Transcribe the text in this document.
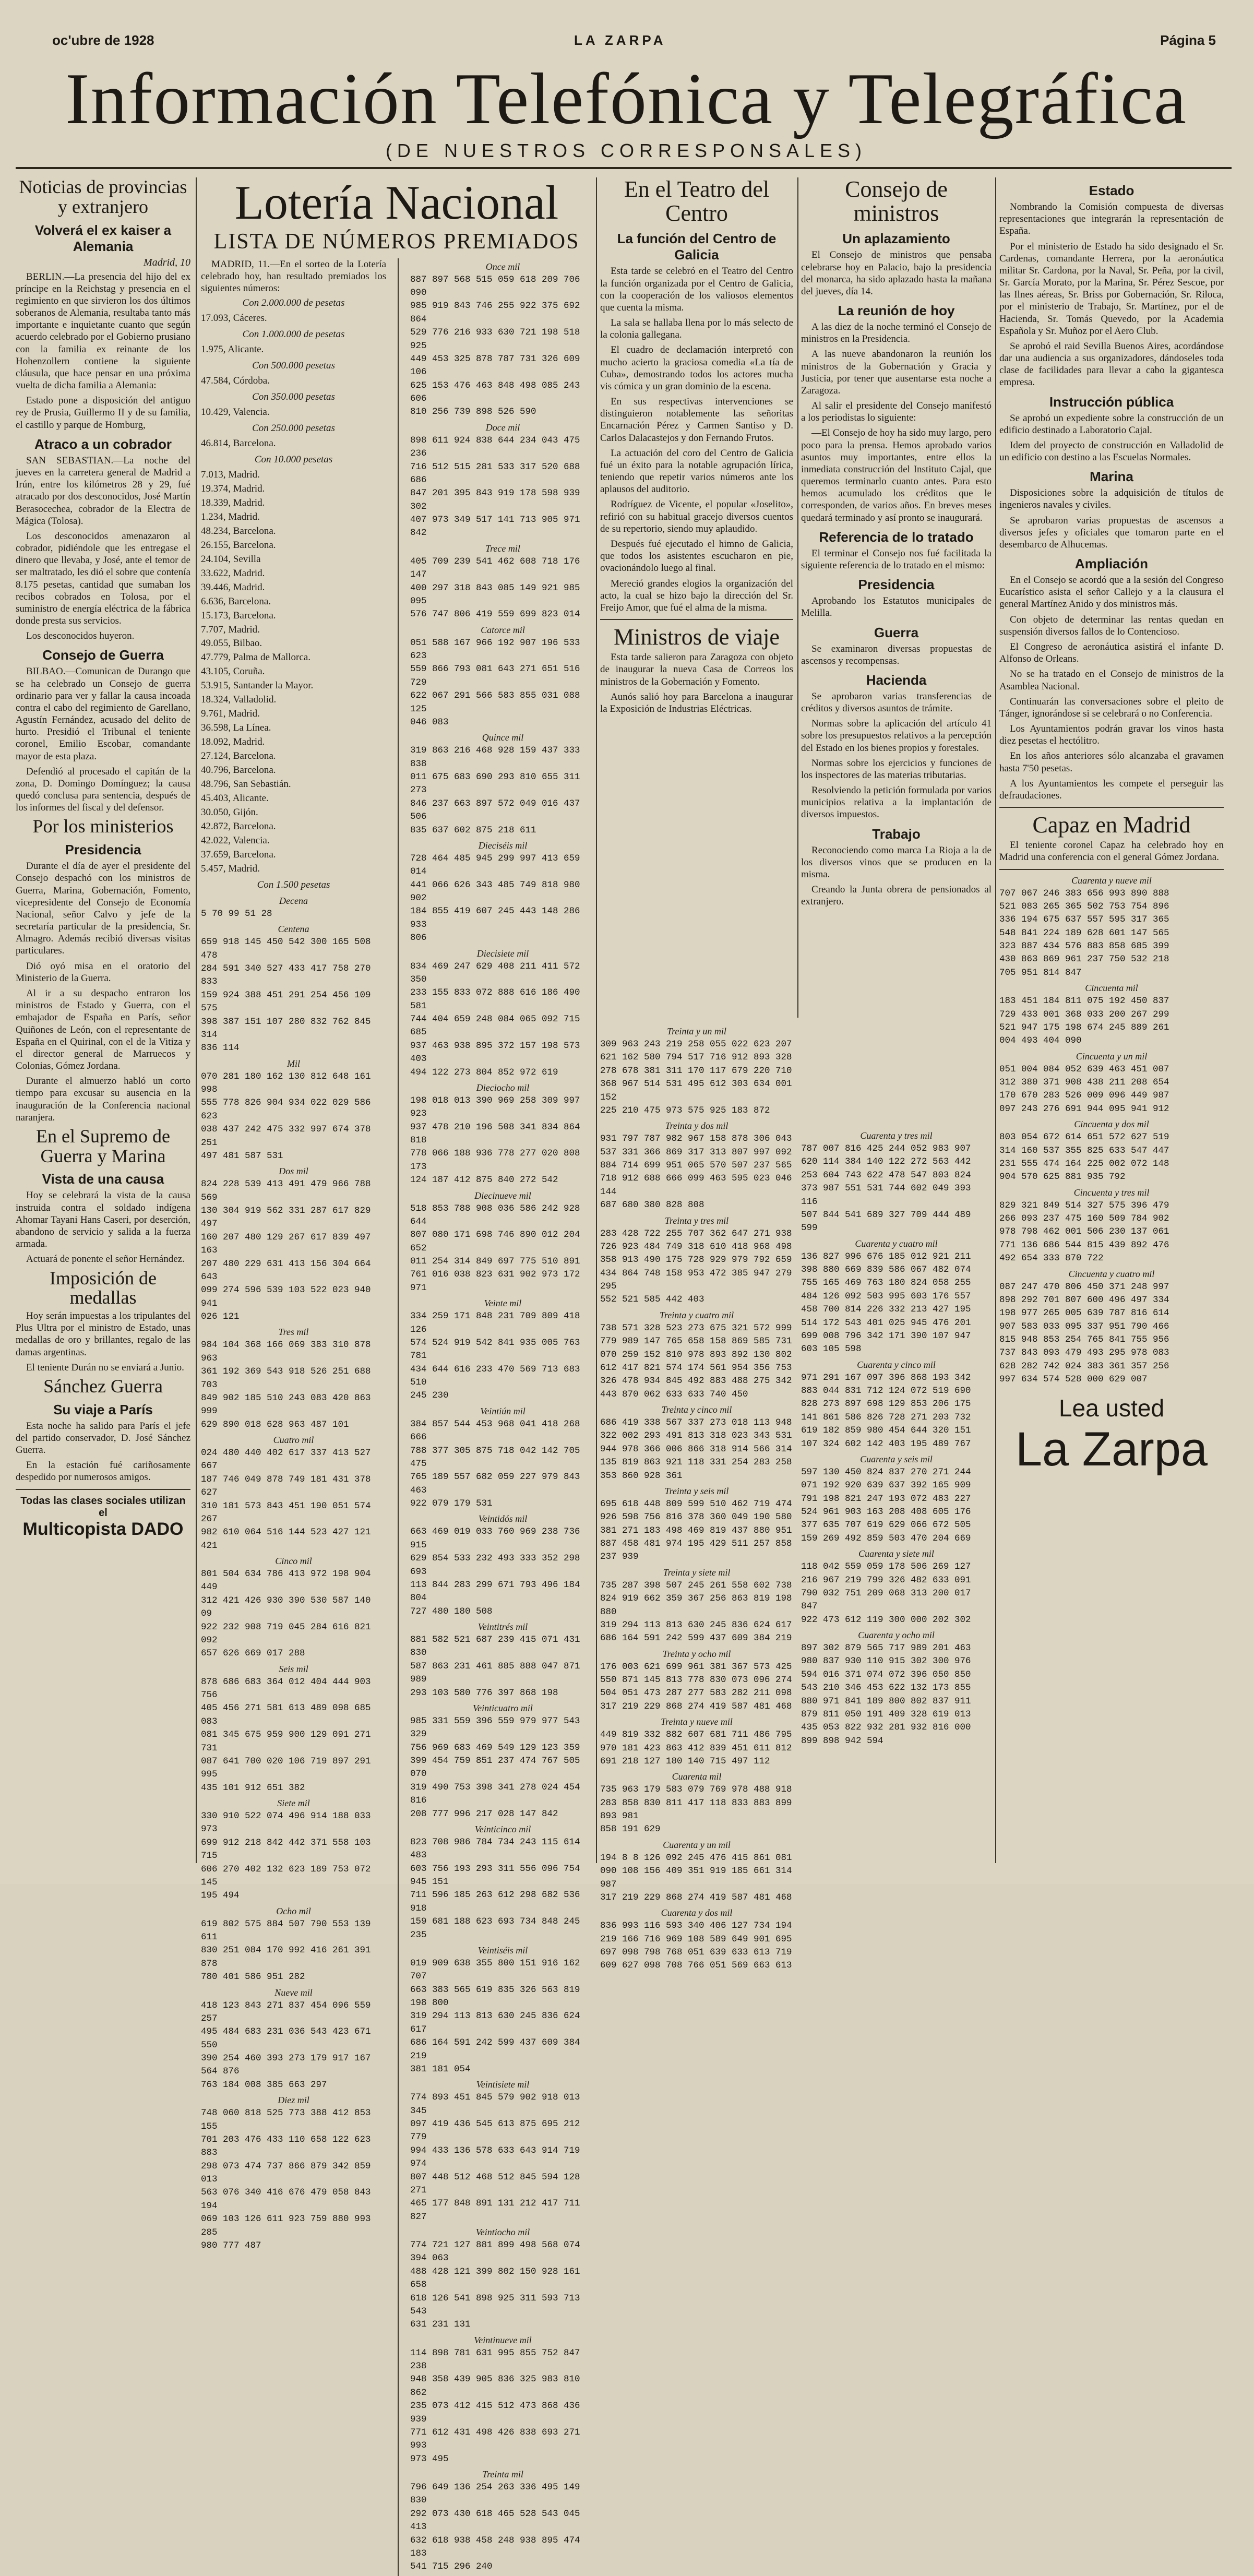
oc'ubre de 1928	LA ZARPA	Página 5
Información Telefónica y Telegráfica
(DE NUESTROS CORRESPONSALES)
Noticias de provincias y extranjero
Volverá el ex kaiser a Alemania
Madrid, 10

BERLIN.—La presencia del hijo del ex príncipe en la Reichstag y presencia en el regimiento en que sirvieron los dos últimos soberanos de Alemania, resultaba tanto más importante e inquietante cuanto que según acuerdo celebrado por el Gobierno prusiano con la familia ex reinante de los Hohenzollern contiene la siguiente cláusula, que hace pensar en una próxima vuelta de dicha familia a Alemania:

Estado pone a disposición del antiguo rey de Prusia, Guillermo II y de su familia, el castillo y parque de Homburg,

Atraco a un cobrador

SAN SEBASTIAN.—La noche del jueves en la carretera general de Madrid a Irún, entre los kilómetros 28 y 29, fué atracado por dos desconocidos, José Martín Berasocechea, cobrador de la Electra de Mágica (Tolosa).

Los desconocidos amenazaron al cobrador, pidiéndole que les entregase el dinero que llevaba, y José, ante el temor de ser maltratado, les dió el sobre que contenía 8.175 pesetas, cantidad que sumaban los recibos cobrados en Tolosa, por el suministro de energía eléctrica de la fábrica donde presta sus servicios.

Los desconocidos huyeron.

Consejo de Guerra

BILBAO.—Comunican de Durango que se ha celebrado un Consejo de guerra ordinario para ver y fallar la causa incoada contra el cabo del regimiento de Garellano, Agustín Fernández, acusado del delito de hurto. Presidió el Tribunal el teniente coronel, Emilio Escobar, comandante mayor de esta plaza.

Defendió al procesado el capitán de la zona, D. Domingo Domínguez; la causa quedó conclusa para sentencia, después de los informes del fiscal y del defensor.

Por los ministerios
Presidencia

Durante el día de ayer el presidente del Consejo despachó con los ministros de Guerra, Marina, Gobernación, Fomento, vicepresidente del Consejo de Economía Nacional, señor Calvo y jefe de la secretaría particular de la presidencia, Sr. Almagro. Además recibió diversas visitas particulares.

Dió oyó misa en el oratorio del Ministerio de la Guerra.

Al ir a su despacho entraron los ministros de Estado y Guerra, con el embajador de España en París, señor Quiñones de León, con el representante de España en el Quirinal, con el de la Vitiza y el director general de Marruecos y Colonias, Gómez Jordana.

Durante el almuerzo habló un corto tiempo para excusar su ausencia en la inauguración de la Conferencia nacional naranjera.

En el Supremo de Guerra y Marina
Vista de una causa

Hoy se celebrará la vista de la causa instruida contra el soldado indígena Ahomar Tayani Hans Caseri, por deserción, abandono de servicio y salida a la fuerza armada.

Actuará de ponente el señor Hernández.

Imposición de medallas

Hoy serán impuestas a los tripulantes del Plus Ultra por el ministro de Estado, unas medallas de oro y brillantes, regalo de las damas argentinas.

El teniente Durán no se enviará a Junio.

Sánchez Guerra
Su viaje a París

Esta noche ha salido para París el jefe del partido conservador, D. José Sánchez Guerra.

En la estación fué cariñosamente despedido por numerosos amigos.

Todas las clases sociales utilizan el
Multicopista DADO
Lotería Nacional
LISTA DE NÚMEROS PREMIADOS

MADRID, 11.—En el sorteo de la Lotería celebrado hoy, han resultado premiados los siguientes números:

Con 2.000.000 de pesetas
17.093, Cáceres.
Con 1.000.000 de pesetas
1.975, Alicante.
Con 500.000 pesetas
47.584, Córdoba.
Con 350.000 pesetas
10.429, Valencia.
Con 250.000 pesetas
46.814, Barcelona.
Con 10.000 pesetas
7.013, Madrid.
19.374, Madrid.
18.339, Madrid.
1.234, Madrid.
48.234, Barcelona.
26.155, Barcelona.
24.104, Sevilla
33.622, Madrid.
39.446, Madrid.
6.636, Barcelona.
15.173, Barcelona.
7.707, Madrid.
49.055, Bilbao.
47.779, Palma de Mallorca.
43.105, Coruña.
53.915, Santander la Mayor.
18.324, Valladolid.
9.761, Madrid.
36.598, La Línea.
18.092, Madrid.
27.124, Barcelona.
40.796, Barcelona.
48.796, San Sebastián.
45.403, Alicante.
30.050, Gijón.
42.872, Barcelona.
42.022, Valencia.
37.659, Barcelona.
5.457, Madrid.
Con 1.500 pesetas
Decena
5 70 99 51 28
Centena
659 918 145 450 542 300 165 508 478
284 591 340 527 433 417 758 270 833
159 924 388 451 291 254 456 109 575
398 387 151 107 280 832 762 845 314
836 114
Mil
070 281 180 162 130 812 648 161 998
555 778 826 904 934 022 029 586 623
038 437 242 475 332 997 674 378 251
497 481 587 531
Dos mil
824 228 539 413 491 479 966 788 569
130 304 919 562 331 287 617 829 497
160 207 480 129 267 617 839 497 163
207 480 229 631 413 156 304 664 643
099 274 596 539 103 522 023 940 941
026 121
Tres mil
984 104 368 166 069 383 310 878 963
361 192 369 543 918 526 251 688 703
849 902 185 510 243 083 420 863 999
629 890 018 628 963 487 101
Cuatro mil
024 480 440 402 617 337 413 527 667
187 746 049 878 749 181 431 378 627
310 181 573 843 451 190 051 574 267
982 610 064 516 144 523 427 121 421
Cinco mil
801 504 634 786 413 972 198 904 449
312 421 426 930 390 530 587 140 09
922 232 908 719 045 284 616 821 092
657 626 669 017 288
Seis mil
878 686 683 364 012 404 444 903 756
405 456 271 581 613 489 098 685 083
081 345 675 959 900 129 091 271 731
087 641 700 020 106 719 897 291 995
435 101 912 651 382
Siete mil
330 910 522 074 496 914 188 033 973
699 912 218 842 442 371 558 103 715
606 270 402 132 623 189 753 072 145
195 494
Ocho mil
619 802 575 884 507 790 553 139 611
830 251 084 170 992 416 261 391 878
780 401 586 951 282
Nueve mil
418 123 843 271 837 454 096 559 257
495 484 683 231 036 543 423 671 550
390 254 460 393 273 179 917 167 564 876
763 184 008 385 663 297
Diez mil
748 060 818 525 773 388 412 853 155
701 203 476 433 110 658 122 623 883
298 073 474 737 866 879 342 859 013
563 076 340 416 676 479 058 843 194
069 103 126 611 923 759 880 993 285
980 777 487
Once mil
887 897 568 515 059 618 209 706 090
985 919 843 746 255 922 375 692 864
529 776 216 933 630 721 198 518 925
449 453 325 878 787 731 326 609 106
625 153 476 463 848 498 085 243 606
810 256 739 898 526 590
Doce mil
898 611 924 838 644 234 043 475 236
716 512 515 281 533 317 520 688 686
847 201 395 843 919 178 598 939 302
407 973 349 517 141 713 905 971 842
Trece mil
405 709 239 541 462 608 718 176 147
400 297 318 843 085 149 921 985 095
576 747 806 419 559 699 823 014
Catorce mil
051 588 167 966 192 907 196 533 623
559 866 793 081 643 271 651 516 729
622 067 291 566 583 855 031 088 125
046 083
Quince mil
319 863 216 468 928 159 437 333 838
011 675 683 690 293 810 655 311 273
846 237 663 897 572 049 016 437 506
835 637 602 875 218 611
Dieciséis mil
728 464 485 945 299 997 413 659 014
441 066 626 343 485 749 818 980 902
184 855 419 607 245 443 148 286 933
806
Diecisiete mil
834 469 247 629 408 211 411 572 350
233 155 833 072 888 616 186 490 581
744 404 659 248 084 065 092 715 685
937 463 938 895 372 157 198 573 403
494 122 273 804 852 972 619
Dieciocho mil
198 018 013 390 969 258 309 997 923
937 478 210 196 508 341 834 864 818
778 066 188 936 778 277 020 808 173
124 187 412 875 840 272 542
Diecinueve mil
518 853 788 908 036 586 242 928 644
807 080 171 698 746 890 012 204 652
011 254 314 849 697 775 510 891
761 016 038 823 631 902 973 172 971
Veinte mil
334 259 171 848 231 709 809 418 126
574 524 919 542 841 935 005 763 781
434 644 616 233 470 569 713 683 510
245 230
Veintiún mil
384 857 544 453 968 041 418 268 666
788 377 305 875 718 042 142 705 475
765 189 557 682 059 227 979 843 463
922 079 179 531
Veintidós mil
663 469 019 033 760 969 238 736 915
629 854 533 232 493 333 352 298 693
113 844 283 299 671 793 496 184 804
727 480 180 508
Veintitrés mil
881 582 521 687 239 415 071 431 830
587 863 231 461 885 888 047 871 989
293 103 580 776 397 868 198
Veinticuatro mil
985 331 559 396 559 979 977 543 329
756 969 683 469 549 129 123 359
399 454 759 851 237 474 767 505 070
319 490 753 398 341 278 024 454 816
208 777 996 217 028 147 842
Veinticinco mil
823 708 986 784 734 243 115 614 483
603 756 193 293 311 556 096 754 945 151
711 596 185 263 612 298 682 536 918
159 681 188 623 693 734 848 245 235
Veintiséis mil
019 909 638 355 800 151 916 162 707
663 383 565 619 835 326 563 819 198 800
319 294 113 813 630 245 836 624 617
686 164 591 242 599 437 609 384 219
381 181 054
Veintisiete mil
774 893 451 845 579 902 918 013 345
097 419 436 545 613 875 695 212 779
994 433 136 578 633 643 914 719 974
807 448 512 468 512 845 594 128 271
465 177 848 891 131 212 417 711 827
Veintiocho mil
774 721 127 881 899 498 568 074 394 063
488 428 121 399 802 150 928 161 658
618 126 541 898 925 311 593 713 543
631 231 131
Veintinueve mil
114 898 781 631 995 855 752 847 238
948 358 439 905 836 325 983 810 862
235 073 412 415 512 473 868 436 939
771 612 431 498 426 838 693 271 993
973 495
Treinta mil
796 649 136 254 263 336 495 149 830
292 073 430 618 465 528 543 045 413
632 618 938 458 248 938 895 474 183
541 715 296 240
En el Teatro del Centro
La función del Centro de Galicia

Esta tarde se celebró en el Teatro del Centro la función organizada por el Centro de Galicia, con la cooperación de los valiosos elementos que cuenta la misma.

La sala se hallaba llena por lo más selecto de la colonia gallegana.

El cuadro de declamación interpretó con mucho acierto la graciosa comedia «La tía de Cuba», demostrando todos los actores mucha vis cómica y un gran dominio de la escena.

En sus respectivas intervenciones se distinguieron notablemente las señoritas Encarnación Pérez y Carmen Santiso y D. Carlos Dalacastejos y don Fernando Frutos.

La actuación del coro del Centro de Galicia fué un éxito para la notable agrupación lírica, teniendo que repetir varios números ante los aplausos del auditorio.

Rodríguez de Vicente, el popular «Joselito», refirió con su habitual gracejo diversos cuentos de su repertorio, siendo muy aplaudido.

Después fué ejecutado el himno de Galicia, que todos los asistentes escucharon en pie, ovacionándolo luego al final.

Mereció grandes elogios la organización del acto, la cual se hizo bajo la dirección del Sr. Freijo Amor, que fué el alma de la misma.

Ministros de viaje

Esta tarde salieron para Zaragoza con objeto de inaugurar la nueva Casa de Correos los ministros de la Gobernación y Fomento.

Aunós salió hoy para Barcelona a inaugurar la Exposición de Industrias Eléctricas.

Consejo de ministros
Un aplazamiento

El Consejo de ministros que pensaba celebrarse hoy en Palacio, bajo la presidencia del monarca, ha sido aplazado hasta la mañana del jueves, día 14.

La reunión de hoy

A las diez de la noche terminó el Consejo de ministros en la Presidencia.

A las nueve abandonaron la reunión los ministros de la Gobernación y Gracia y Justicia, por tener que ausentarse esta noche a Zaragoza.

Al salir el presidente del Consejo manifestó a los periodistas lo siguiente:

—El Consejo de hoy ha sido muy largo, pero poco para la prensa. Hemos aprobado varios asuntos muy importantes, entre ellos la inmediata construcción del Instituto Cajal, que queremos terminarlo cuanto antes. Para esto hemos acumulado los créditos que le corresponden, de varios años. En breves meses quedará terminado y así pronto se inaugurará.

Referencia de lo tratado

El terminar el Consejo nos fué facilitada la siguiente referencia de lo tratado en el mismo:

Presidencia

Aprobando los Estatutos municipales de Melilla.

Guerra

Se examinaron diversas propuestas de ascensos y recompensas.

Hacienda

Se aprobaron varias transferencias de créditos y diversos asuntos de trámite.

Normas sobre la aplicación del artículo 41 sobre los presupuestos relativos a la percepción del Estado en los bienes propios y forestales.

Normas sobre los ejercicios y funciones de los inspectores de las materias tributarias.

Resolviendo la petición formulada por varios municipios relativa a la implantación de diversos impuestos.

Trabajo

Reconociendo como marca La Rioja a la de los diversos vinos que se producen en la misma.

Creando la Junta obrera de pensionados al extranjero.

Treinta y un mil
309 963 243 219 258 055 022 623 207 621 162 580 794 517 716 912 893 328
278 678 381 311 170 117 679 220 710 368 967 514 531 495 612 303 634 001 152
225 210 475 973 575 925 183 872
Treinta y dos mil
931 797 787 982 967 158 878 306 043 537 331 366 869 317 313 807 997 092
884 714 699 951 065 570 507 237 565 718 912 688 666 099 463 595 023 046 144
687 680 380 828 808
Treinta y tres mil
283 428 722 255 707 362 647 271 938 726 923 484 749 318 610 418 968 498
358 913 490 175 728 929 979 792 659 434 864 748 158 953 472 385 947 279 295
552 521 585 442 403
Treinta y cuatro mil
738 571 328 523 273 675 321 572 999 779 989 147 765 658 158 869 585 731
070 259 152 810 978 893 892 130 802 612 417 821 574 174 561 954 356 753
326 478 934 845 492 883 488 275 342 443 870 062 633 633 740 450
Treinta y cinco mil
686 419 338 567 337 273 018 113 948 322 002 293 491 813 318 023 343 531
944 978 366 006 866 318 914 566 314 135 819 863 921 118 331 254 283 258
353 860 928 361
Treinta y seis mil
695 618 448 809 599 510 462 719 474 926 598 756 816 378 360 049 190 580
381 271 183 498 469 819 437 880 951 887 458 481 974 195 429 511 257 858
237 939
Treinta y siete mil
735 287 398 507 245 261 558 602 738 824 919 662 359 367 256 863 819 198 880
319 294 113 813 630 245 836 624 617 686 164 591 242 599 437 609 384 219
Treinta y ocho mil
176 003 621 699 961 381 367 573 425 550 871 145 813 778 830 073 096 274
504 051 473 287 277 583 282 211 098 317 219 229 868 274 419 587 481 468
Treinta y nueve mil
449 819 332 882 607 681 711 486 795 970 181 423 863 412 839 451 611 812
691 218 127 180 140 715 497 112
Cuarenta mil
735 963 179 583 079 769 978 488 918 283 858 830 811 417 118 833 883 899 893 981
858 191 629
Cuarenta y un mil
194 8 8 126 092 245 476 415 861 081 090 108 156 409 351 919 185 661 314 987
317 219 229 868 274 419 587 481 468
Cuarenta y dos mil
836 993 116 593 340 406 127 734 194 219 166 716 969 108 589 649 901 695
697 098 798 768 051 639 633 613 719 609 627 098 708 766 051 569 663 613
Cuarenta y tres mil
787 007 816 425 244 052 983 907
620 114 384 140 122 272 563 442
253 604 743 622 478 547 803 824
373 987 551 531 744 602 049 393 116
507 844 541 689 327 709 444 489 599
Cuarenta y cuatro mil
136 827 996 676 185 012 921 211
398 880 669 839 586 067 482 074
755 165 469 763 180 824 058 255
484 126 092 503 995 603 176 557
458 700 814 226 332 213 427 195
514 172 543 401 025 945 476 201
699 008 796 342 171 390 107 947
603 105 598
Cuarenta y cinco mil
971 291 167 097 396 868 193 342
883 044 831 712 124 072 519 690
828 273 897 698 129 853 206 175
141 861 586 826 728 271 203 732
619 182 859 980 454 644 320 151
107 324 602 142 403 195 489 767
Cuarenta y seis mil
597 130 450 824 837 270 271 244
071 192 920 639 637 392 165 909
791 198 821 247 193 072 483 227
524 961 903 163 208 408 605 176
377 635 707 619 629 066 672 505
159 269 492 859 503 470 204 669
Cuarenta y siete mil
118 042 559 059 178 506 269 127
216 967 219 799 326 482 633 091
790 032 751 209 068 313 200 017 847
922 473 612 119 300 000 202 302
Cuarenta y ocho mil
897 302 879 565 717 989 201 463
980 837 930 110 915 302 300 976
594 016 371 074 072 396 050 850
543 210 346 453 622 132 173 855
880 971 841 189 800 802 837 911
879 811 050 191 409 328 619 013
435 053 822 932 281 932 816 000
899 898 942 594
Estado

Nombrando la Comisión compuesta de diversas representaciones que integrarán la representación de España.

Por el ministerio de Estado ha sido designado el Sr. Cardenas, comandante Herrera, por la aeronáutica militar Sr. Cardona, por la Naval, Sr. Peña, por la civil, Sr. García Morato, por la Marina, Sr. Pérez Sescoe, por las Ilnes aéreas, Sr. Briss por Gobernación, Sr. Riloca, por el ministerio de Trabajo, Sr. Martínez, por el de Hacienda, Sr. Tomás Quevedo, por la Academia Española y Sr. Muñoz por el Aero Club.

Se aprobó el raid Sevilla Buenos Aires, acordándose dar una audiencia a sus organizadores, dándoseles toda clase de facilidades para llevar a cabo la gigantesca empresa.

Instrucción pública

Se aprobó un expediente sobre la construcción de un edificio destinado a Laboratorio Cajal.

Idem del proyecto de construcción en Valladolid de un edificio con destino a las Escuelas Normales.

Marina

Disposiciones sobre la adquisición de títulos de ingenieros navales y civiles.

Se aprobaron varias propuestas de ascensos a diversos jefes y oficiales que tomaron parte en el desembarco de Alhucemas.

Ampliación

En el Consejo se acordó que a la sesión del Congreso Eucarístico asista el señor Callejo y a la clausura el general Martínez Anido y dos ministros más.

Con objeto de determinar las rentas quedan en suspensión diversos fallos de lo Contencioso.

El Congreso de aeronáutica asistirá el infante D. Alfonso de Orleans.

No se ha tratado en el Consejo de ministros de la Asamblea Nacional.

Continuarán las conversaciones sobre el pleito de Tánger, ignorándose si se celebrará o no Conferencia.

Los Ayuntamientos podrán gravar los vinos hasta diez pesetas el hectólitro.

En los años anteriores sólo alcanzaba el gravamen hasta 7'50 pesetas.

A los Ayuntamientos les compete el perseguir las defraudaciones.

Capaz en Madrid

El teniente coronel Capaz ha celebrado hoy en Madrid una conferencia con el general Gómez Jordana.

Cuarenta y nueve mil
707 067 246 383 656 993 890 888
521 083 265 365 502 753 754 896
336 194 675 637 557 595 317 365
548 841 224 189 628 601 147 565
323 887 434 576 883 858 685 399
430 863 869 961 237 750 532 218
705 951 814 847
Cincuenta mil
183 451 184 811 075 192 450 837
729 433 001 368 033 200 267 299
521 947 175 198 674 245 889 261
004 493 404 090
Cincuenta y un mil
051 004 084 052 639 463 451 007
312 380 371 908 438 211 208 654
170 670 283 526 009 096 449 987
097 243 276 691 944 095 941 912
Cincuenta y dos mil
803 054 672 614 651 572 627 519
314 160 537 355 825 633 547 447
231 555 474 164 225 002 072 148
904 570 625 881 935 792
Cincuenta y tres mil
829 321 849 514 327 575 396 479
266 093 237 475 160 509 784 902
978 798 462 001 506 230 137 061
771 136 686 544 815 439 892 476
492 654 333 870 722
Cincuenta y cuatro mil
087 247 470 806 450 371 248 997
898 292 701 807 600 496 497 334
198 977 265 005 639 787 816 614
907 583 033 095 337 951 790 466
815 948 853 254 765 841 755 956
737 843 093 479 493 295 978 083
628 282 742 024 383 361 357 256
997 634 574 528 000 629 007
Lea usted
La Zarpa
